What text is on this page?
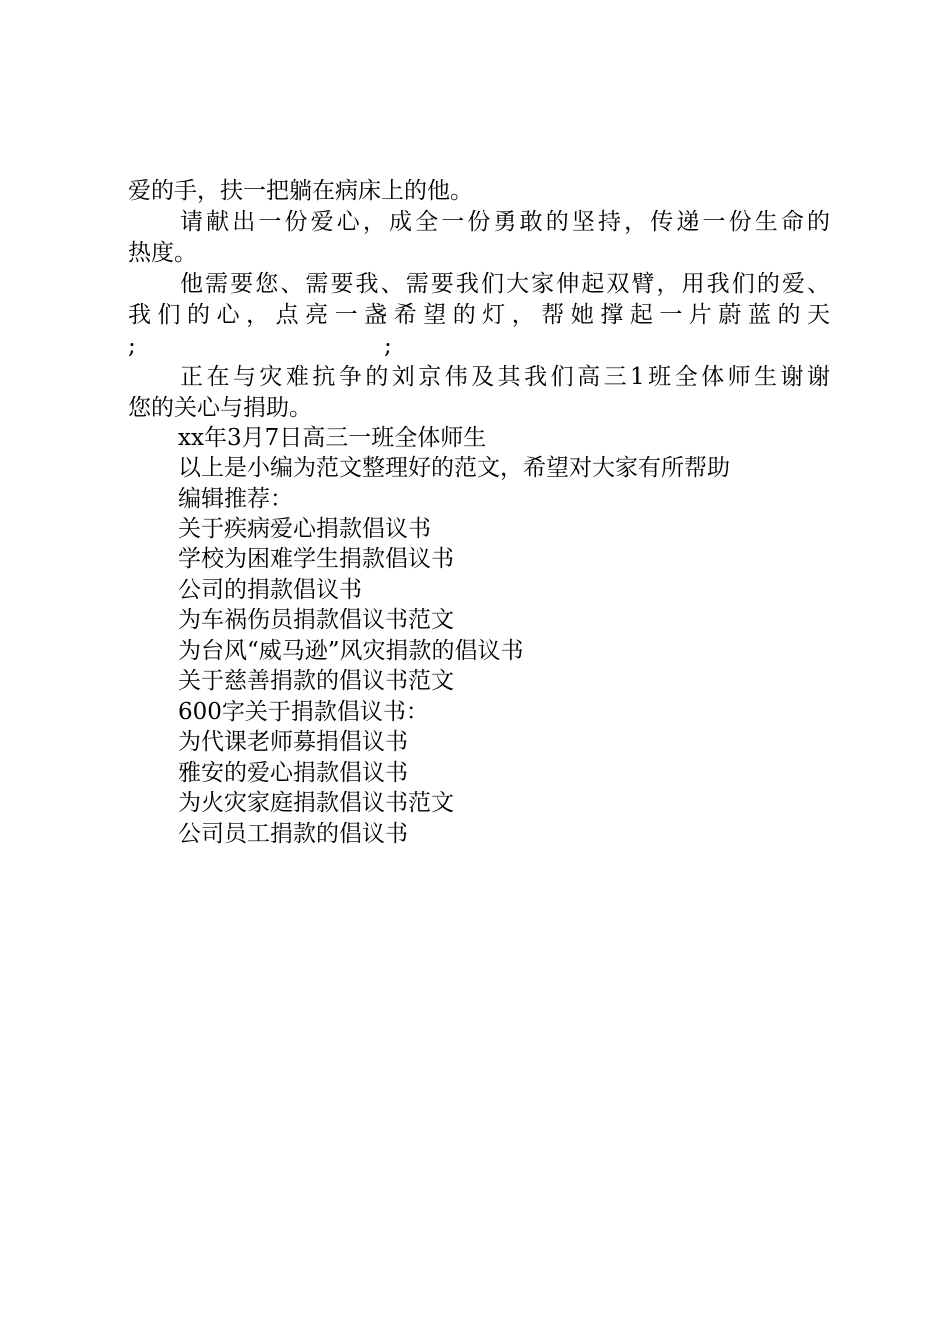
爱的手，扶一把躺在病床上的他。
请献出一份爱心，成全一份勇敢的坚持，传递一份生命的
热度。
他需要您、需要我、需要我们大家伸起双臂，用我们的爱、
我们的心，点亮一盏希望的灯，帮她撑起一片蔚蓝的天
;	;
正在与灾难抗争的刘京伟及其我们高三1班全体师生谢谢
您的关心与捐助。
xx年3月7日高三一班全体师生
以上是小编为范文整理好的范文，希望对大家有所帮助
编辑推荐：
关于疾病爱心捐款倡议书
学校为困难学生捐款倡议书
公司的捐款倡议书
为车祸伤员捐款倡议书范文
为台风“威马逊”风灾捐款的倡议书
关于慈善捐款的倡议书范文
600字关于捐款倡议书：
为代课老师募捐倡议书
雅安的爱心捐款倡议书
为火灾家庭捐款倡议书范文
公司员工捐款的倡议书
